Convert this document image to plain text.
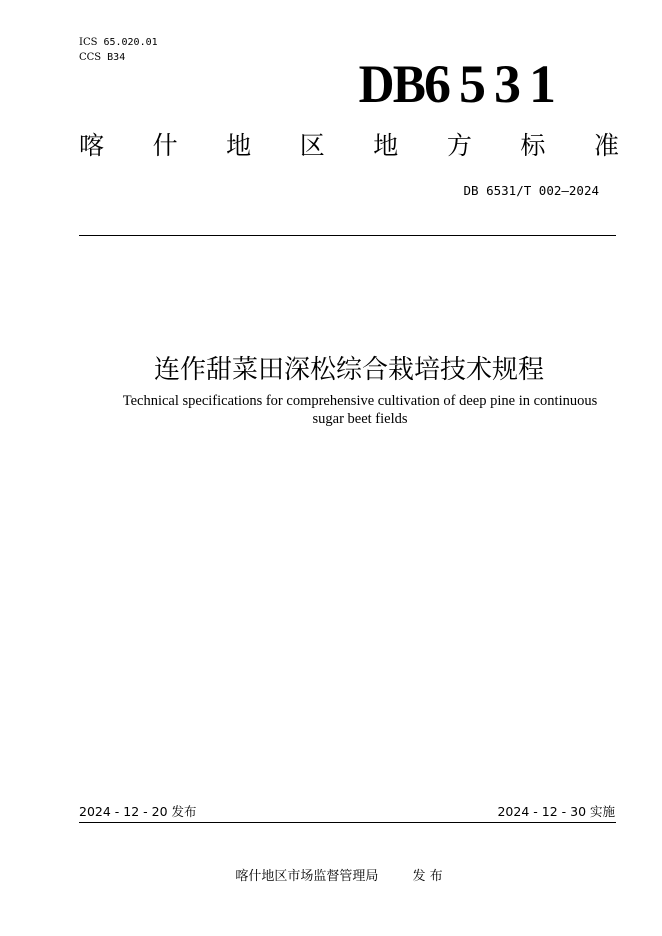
ICS 65.020.01
CCS B34	DB6531
喀 什 地 区 地 方 标 准
DB 6531/T 002—2024
连作甜菜田深松综合栽培技术规程
Technical specifications for comprehensive cultivation of deep pine in continuous
sugar beet fields
2024 - 12 - 20 发布	2024 - 12 - 30 实施
喀什地区市场监督管理局	发 布
